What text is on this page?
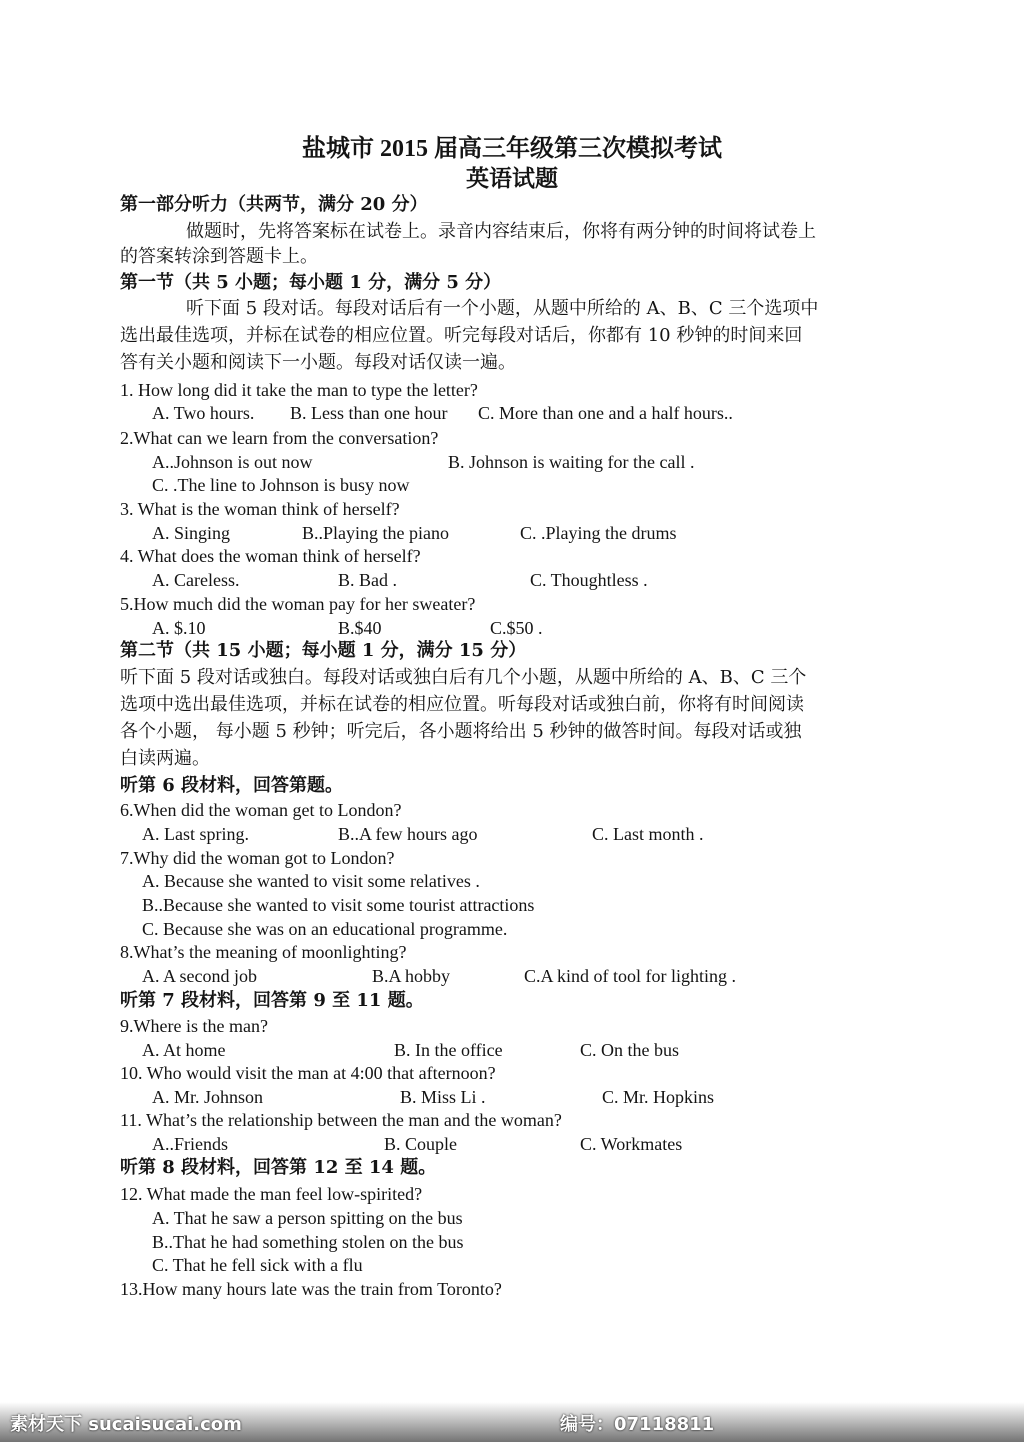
盐城市 2015 届高三年级第三次模拟考试
英语试题
第一部分听力（共两节，满分 20 分）
做题时，先将答案标在试卷上。录音内容结束后，你将有两分钟的时间将试卷上
的答案转涂到答题卡上。
第一节（共 5 小题；每小题 1 分，满分 5 分）
听下面 5 段对话。每段对话后有一个小题，从题中所给的 A、B、C 三个选项中
选出最佳选项，并标在试卷的相应位置。听完每段对话后，你都有 10 秒钟的时间来回
答有关小题和阅读下一小题。每段对话仅读一遍。
1. How long did it take the man to type the letter?
A. Two hours. B. Less than one hour C. More than one and a half hours..
2.What can we learn from the conversation?
A..Johnson is out now	B. Johnson is waiting for the call .
C. .The line to Johnson is busy now
3. What is the woman think of herself?
A. Singing	B..Playing the piano	C. .Playing the drums
4. What does the woman think of herself?
A. Careless.	B. Bad .	C. Thoughtless .
5.How much did the woman pay for her sweater?
A. $.10	B.$40	C.$50 .
第二节（共 15 小题；每小题 1 分，满分 15 分）
听下面 5 段对话或独白。每段对话或独白后有几个小题，从题中所给的 A、B、C 三个
选项中选出最佳选项，并标在试卷的相应位置。听每段对话或独白前，你将有时间阅读
各个小题， 每小题 5 秒钟；听完后，各小题将给出 5 秒钟的做答时间。每段对话或独
白读两遍。
听第 6 段材料，回答第题。
6.When did the woman get to London?
A. Last spring.	B..A few hours ago	C. Last month .
7.Why did the woman got to London?
A. Because she wanted to visit some relatives .
B..Because she wanted to visit some tourist attractions
C. Because she was on an educational programme.
8.What’s the meaning of moonlighting?
A. A second job	B.A hobby	C.A kind of tool for lighting .
听第 7 段材料，回答第 9 至 11 题。
9.Where is the man?
A. At home	B. In the office	C. On the bus
10. Who would visit the man at 4:00 that afternoon?
A. Mr. Johnson	B. Miss Li .	C. Mr. Hopkins
11. What’s the relationship between the man and the woman?
A..Friends	B. Couple	C. Workmates
听第 8 段材料，回答第 12 至 14 题。
12. What made the man feel low-spirited?
A. That he saw a person spitting on the bus
B..That he had something stolen on the bus
C. That he fell sick with a flu
13.How many hours late was the train from Toronto?
素材天下 sucaisucai.com	编号：07118811
